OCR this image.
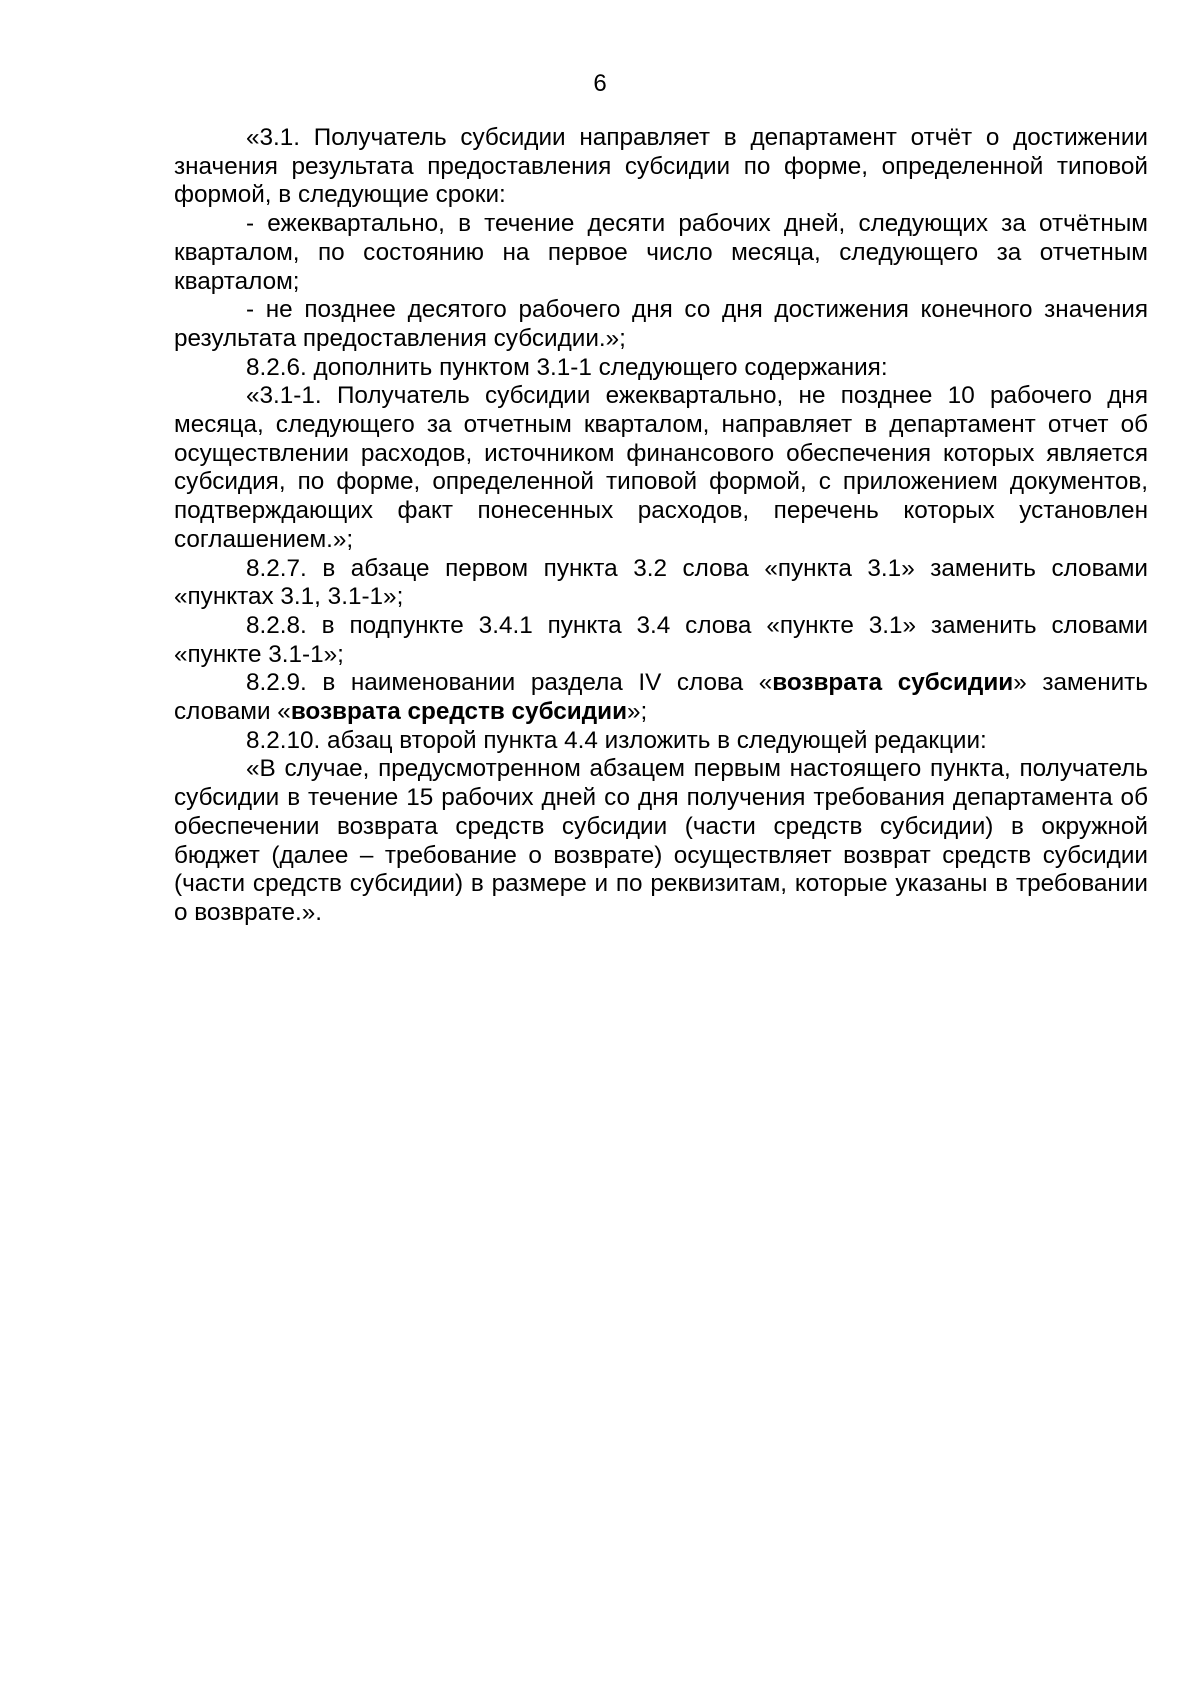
6

«3.1. Получатель субсидии направляет в департамент отчёт о достижении значения результата предоставления субсидии по форме, определенной типовой формой, в следующие сроки:

- ежеквартально, в течение десяти рабочих дней, следующих за отчётным кварталом, по состоянию на первое число месяца, следующего за отчетным кварталом;

- не позднее десятого рабочего дня со дня достижения конечного значения результата предоставления субсидии.»;

8.2.6. дополнить пунктом 3.1-1 следующего содержания:

«3.1-1. Получатель субсидии ежеквартально, не позднее 10 рабочего дня месяца, следующего за отчетным кварталом, направляет в департамент отчет об осуществлении расходов, источником финансового обеспечения которых является субсидия, по форме, определенной типовой формой, с приложением документов, подтверждающих факт понесенных расходов, перечень которых установлен соглашением.»;

8.2.7. в абзаце первом пункта 3.2 слова «пункта 3.1» заменить словами «пунктах 3.1, 3.1-1»;

8.2.8. в подпункте 3.4.1 пункта 3.4 слова «пункте 3.1» заменить словами «пункте 3.1-1»;

8.2.9. в наименовании раздела IV слова «возврата субсидии» заменить словами «возврата средств субсидии»;

8.2.10. абзац второй пункта 4.4 изложить в следующей редакции:

«В случае, предусмотренном абзацем первым настоящего пункта, получатель субсидии в течение 15 рабочих дней со дня получения требования департамента об обеспечении возврата средств субсидии (части средств субсидии) в окружной бюджет (далее – требование о возврате) осуществляет возврат средств субсидии (части средств субсидии) в размере и по реквизитам, которые указаны в требовании о возврате.».
